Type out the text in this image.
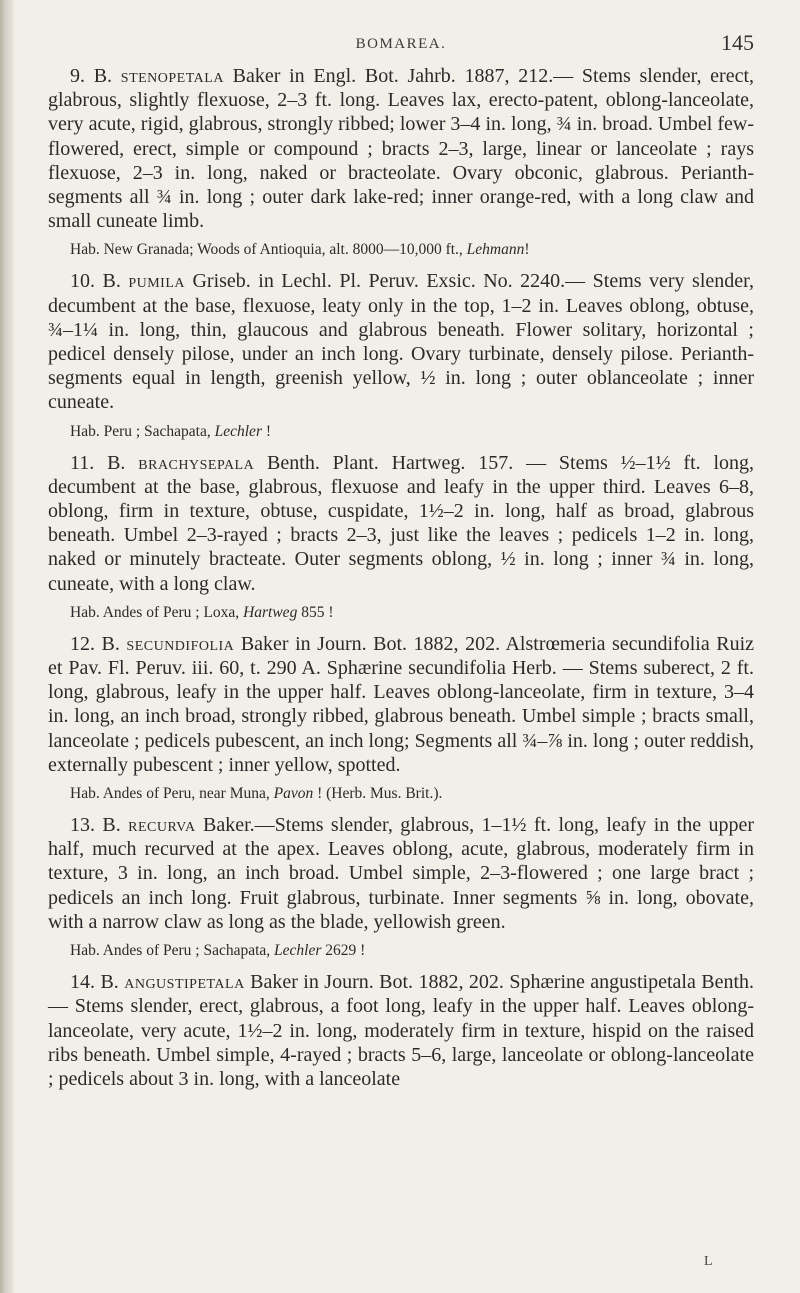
BOMAREA.	145

9. B. stenopetala Baker in Engl. Bot. Jahrb. 1887, 212.— Stems slender, erect, glabrous, slightly flexuose, 2–3 ft. long. Leaves lax, erecto-patent, oblong-lanceolate, very acute, rigid, glabrous, strongly ribbed; lower 3–4 in. long, ¾ in. broad. Umbel few-flowered, erect, simple or compound ; bracts 2–3, large, linear or lanceolate ; rays flexuose, 2–3 in. long, naked or bracteolate. Ovary obconic, glabrous. Perianth-segments all ¾ in. long ; outer dark lake-red; inner orange-red, with a long claw and small cuneate limb.

Hab. New Granada; Woods of Antioquia, alt. 8000—10,000 ft., Lehmann!

10. B. pumila Griseb. in Lechl. Pl. Peruv. Exsic. No. 2240.— Stems very slender, decumbent at the base, flexuose, leaty only in the top, 1–2 in. Leaves oblong, obtuse, ¾–1¼ in. long, thin, glaucous and glabrous beneath. Flower solitary, horizontal ; pedicel densely pilose, under an inch long. Ovary turbinate, densely pilose. Perianth-segments equal in length, greenish yellow, ½ in. long ; outer oblanceolate ; inner cuneate.

Hab. Peru ; Sachapata, Lechler !

11. B. brachysepala Benth. Plant. Hartweg. 157. — Stems ½–1½ ft. long, decumbent at the base, glabrous, flexuose and leafy in the upper third. Leaves 6–8, oblong, firm in texture, obtuse, cuspidate, 1½–2 in. long, half as broad, glabrous beneath. Umbel 2–3-rayed ; bracts 2–3, just like the leaves ; pedicels 1–2 in. long, naked or minutely bracteate. Outer segments oblong, ½ in. long ; inner ¾ in. long, cuneate, with a long claw.

Hab. Andes of Peru ; Loxa, Hartweg 855 !

12. B. secundifolia Baker in Journ. Bot. 1882, 202. Alstrœmeria secundifolia Ruiz et Pav. Fl. Peruv. iii. 60, t. 290 A. Sphærine secundifolia Herb. — Stems suberect, 2 ft. long, glabrous, leafy in the upper half. Leaves oblong-lanceolate, firm in texture, 3–4 in. long, an inch broad, strongly ribbed, glabrous beneath. Umbel simple ; bracts small, lanceolate ; pedicels pubescent, an inch long; Segments all ¾–⅞ in. long ; outer reddish, externally pubescent ; inner yellow, spotted.

Hab. Andes of Peru, near Muna, Pavon ! (Herb. Mus. Brit.).

13. B. recurva Baker.—Stems slender, glabrous, 1–1½ ft. long, leafy in the upper half, much recurved at the apex. Leaves oblong, acute, glabrous, moderately firm in texture, 3 in. long, an inch broad. Umbel simple, 2–3-flowered ; one large bract ; pedicels an inch long. Fruit glabrous, turbinate. Inner segments ⅝ in. long, obovate, with a narrow claw as long as the blade, yellowish green.

Hab. Andes of Peru ; Sachapata, Lechler 2629 !

14. B. angustipetala Baker in Journ. Bot. 1882, 202. Sphærine angustipetala Benth. — Stems slender, erect, glabrous, a foot long, leafy in the upper half. Leaves oblong-lanceolate, very acute, 1½–2 in. long, moderately firm in texture, hispid on the raised ribs beneath. Umbel simple, 4-rayed ; bracts 5–6, large, lanceolate or oblong-lanceolate ; pedicels about 3 in. long, with a lanceolate

L
